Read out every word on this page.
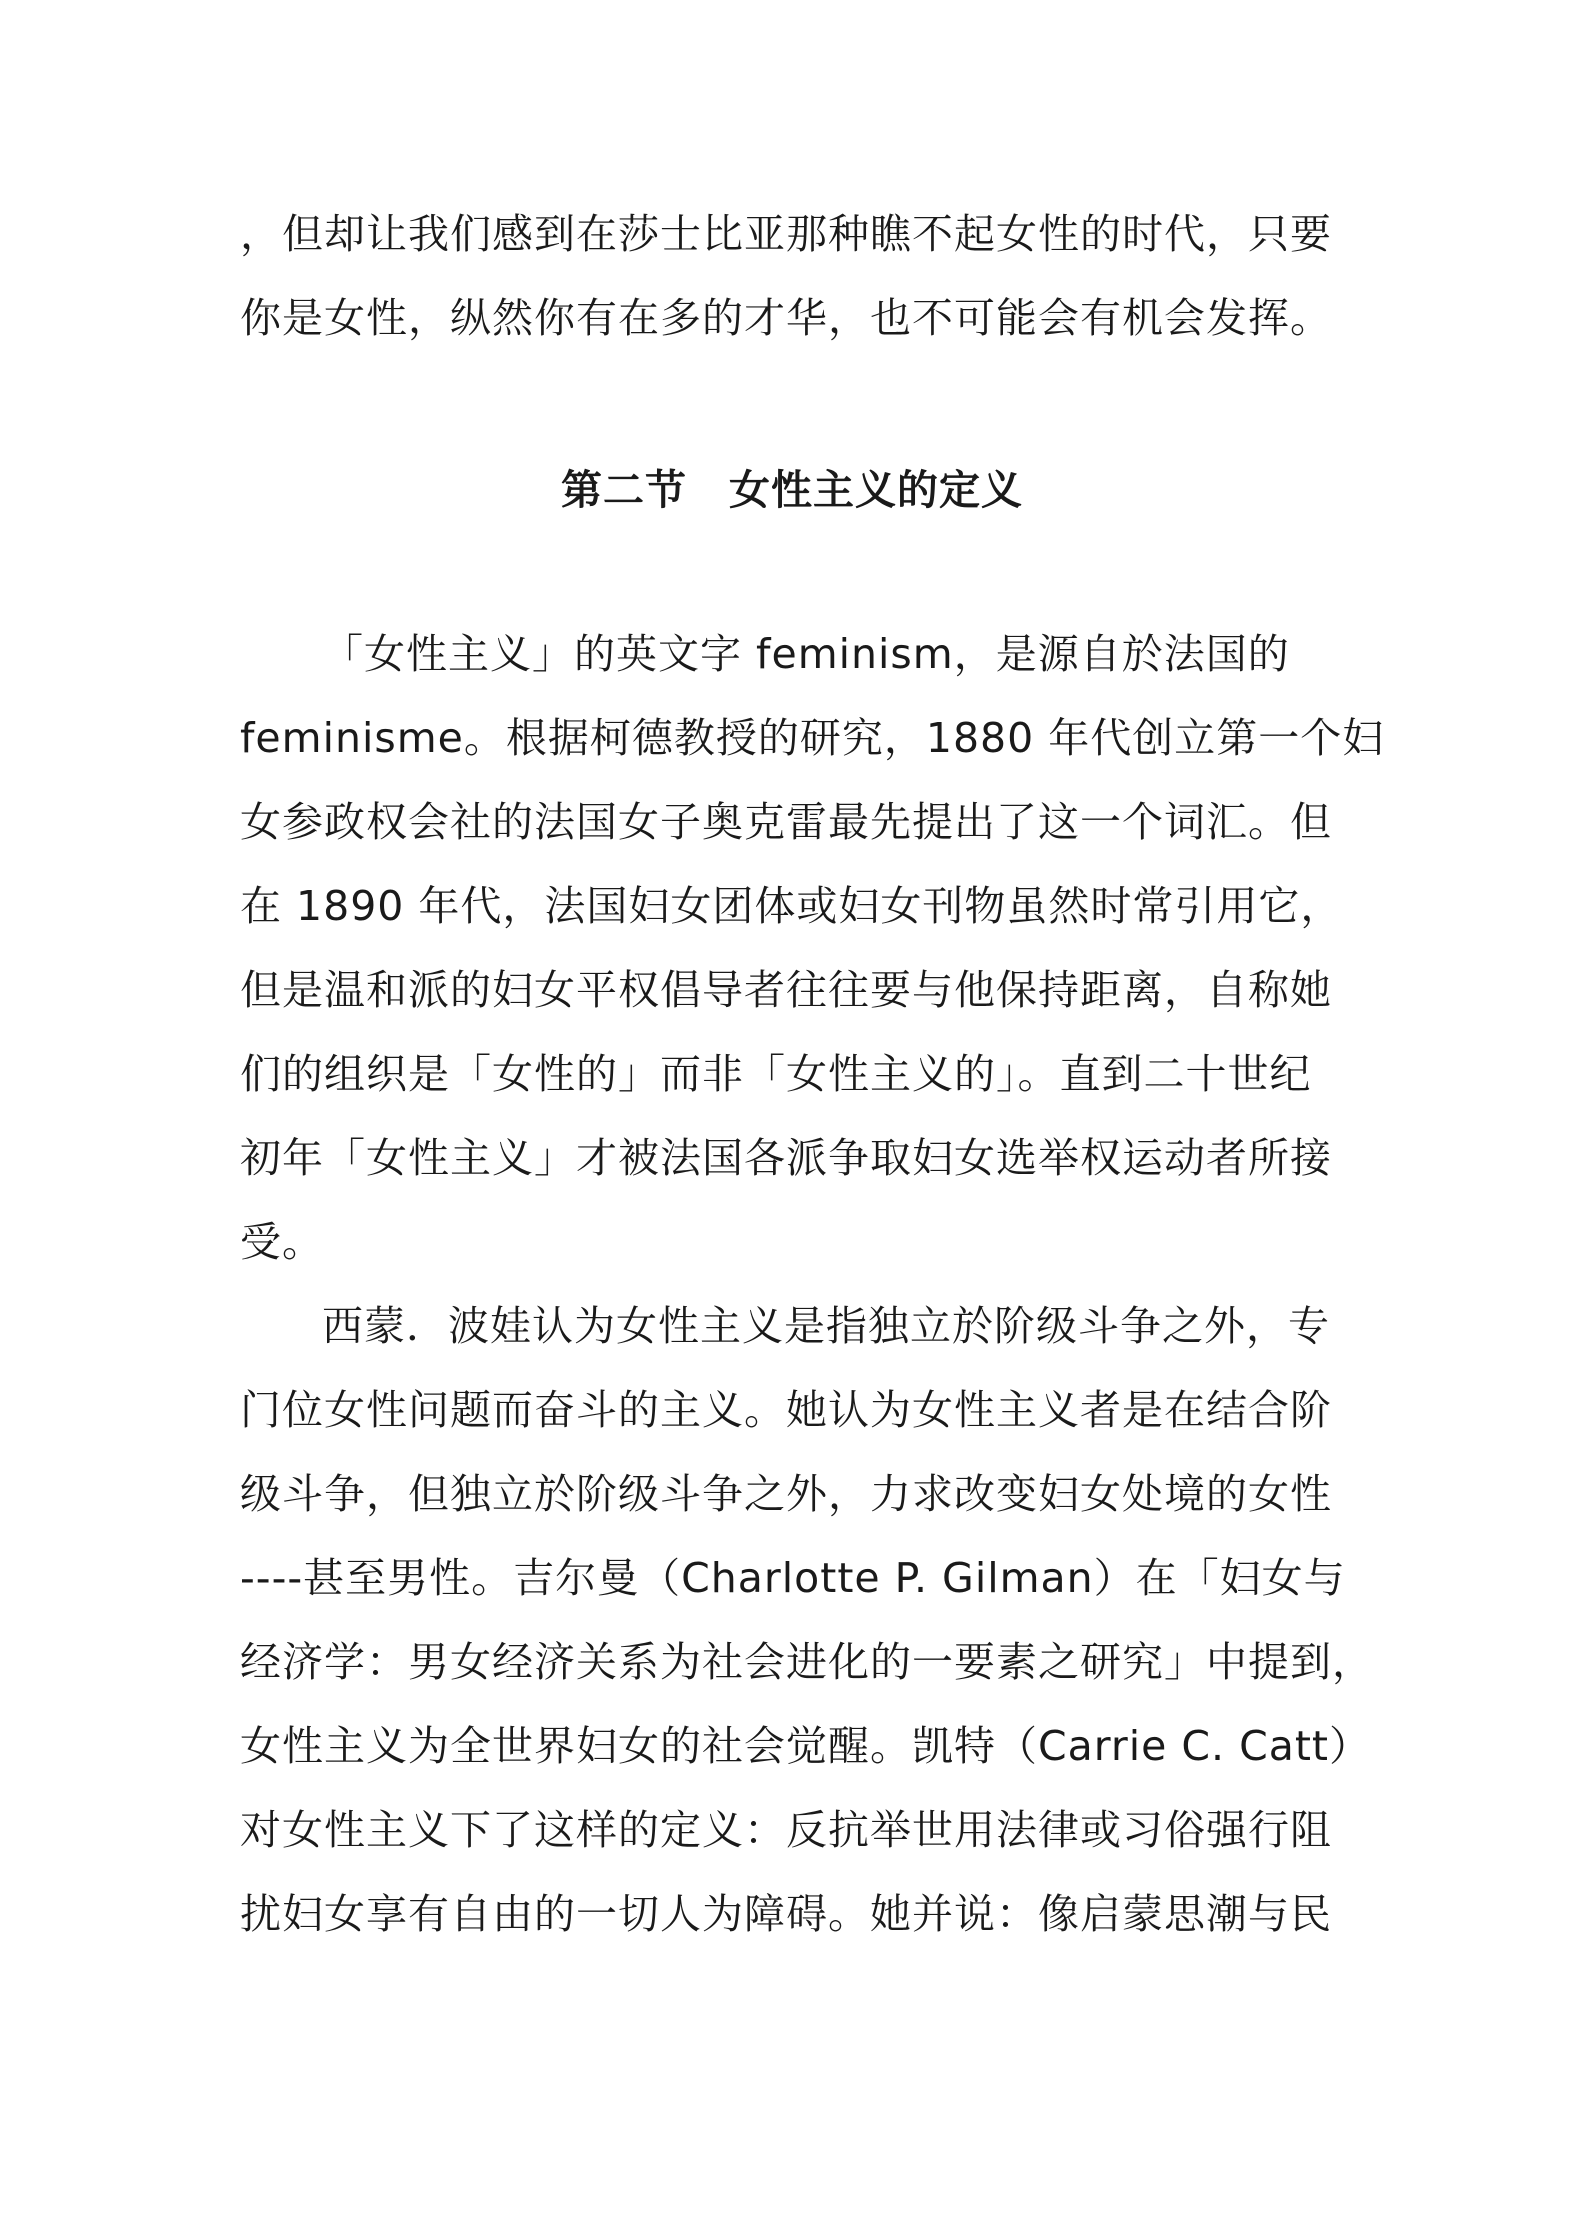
，但却让我们感到在莎士比亚那种瞧不起女性的时代，只要
你是女性，纵然你有在多的才华，也不可能会有机会发挥。
第二节　女性主义的定义
「女性主义」的英文字 feminism，是源自於法国的
feminisme。根据柯德教授的研究，1880 年代创立第一个妇
女参政权会社的法国女子奥克雷最先提出了这一个词汇。但
在 1890 年代，法国妇女团体或妇女刊物虽然时常引用它，
但是温和派的妇女平权倡导者往往要与他保持距离，自称她
们的组织是「女性的」而非「女性主义的」。直到二十世纪
初年「女性主义」才被法国各派争取妇女选举权运动者所接
受。
西蒙．波娃认为女性主义是指独立於阶级斗争之外，专
门位女性问题而奋斗的主义。她认为女性主义者是在结合阶
级斗争，但独立於阶级斗争之外，力求改变妇女处境的女性
----甚至男性。吉尔曼（Charlotte P. Gilman）在「妇女与
经济学：男女经济关系为社会进化的一要素之研究」中提到，
女性主义为全世界妇女的社会觉醒。凯特（Carrie C. Catt）
对女性主义下了这样的定义：反抗举世用法律或习俗强行阻
扰妇女享有自由的一切人为障碍。她并说：像启蒙思潮与民
